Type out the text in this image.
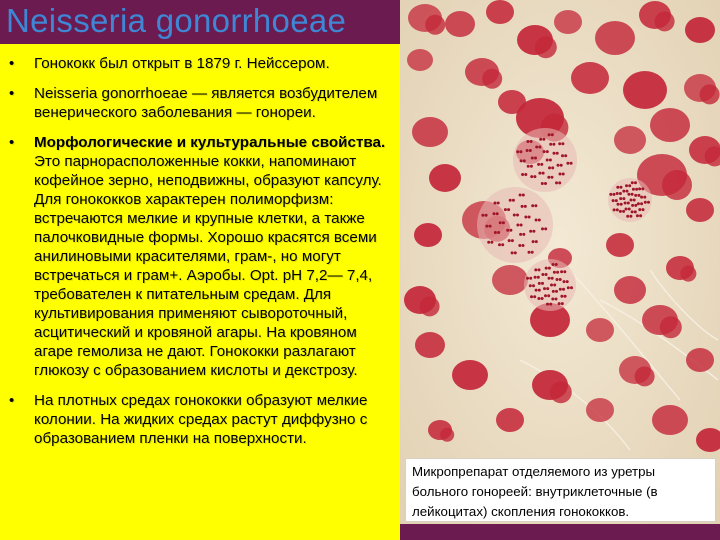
Neisseria gonorrhoeae
• Гонококк был открыт в 1879 г. Нейссером.
• Neisseria gonorrhoeae — является возбудителем венерического заболевания — гонореи.
• Морфологические и культуральные свойства. Это парнорасположенные кокки, напоминают кофейное зерно, неподвижны, образуют капсулу. Для гонококков характерен полиморфизм: встречаются мелкие и крупные клетки, а также палочковидные формы. Хорошо красятся всеми анилиновыми красителями, грам-, но могут встречаться и грам+. Аэробы. Opt. pH 7,2— 7,4, требователен к питательным средам. Для культивирования применяют сывороточный, асцитический и кровяной агары. На кровяном агаре гемолиза не дают. Гонококки разлагают глюкозу с образованием кислоты и декстрозу.
• На плотных средах гонококки образуют мелкие колонии. На жидких средах растут диффузно с образованием пленки на поверхности.
Микропрепарат отделяемого из уретры больного гонореей: внутриклеточные (в лейкоцитах) скопления гонококков.
